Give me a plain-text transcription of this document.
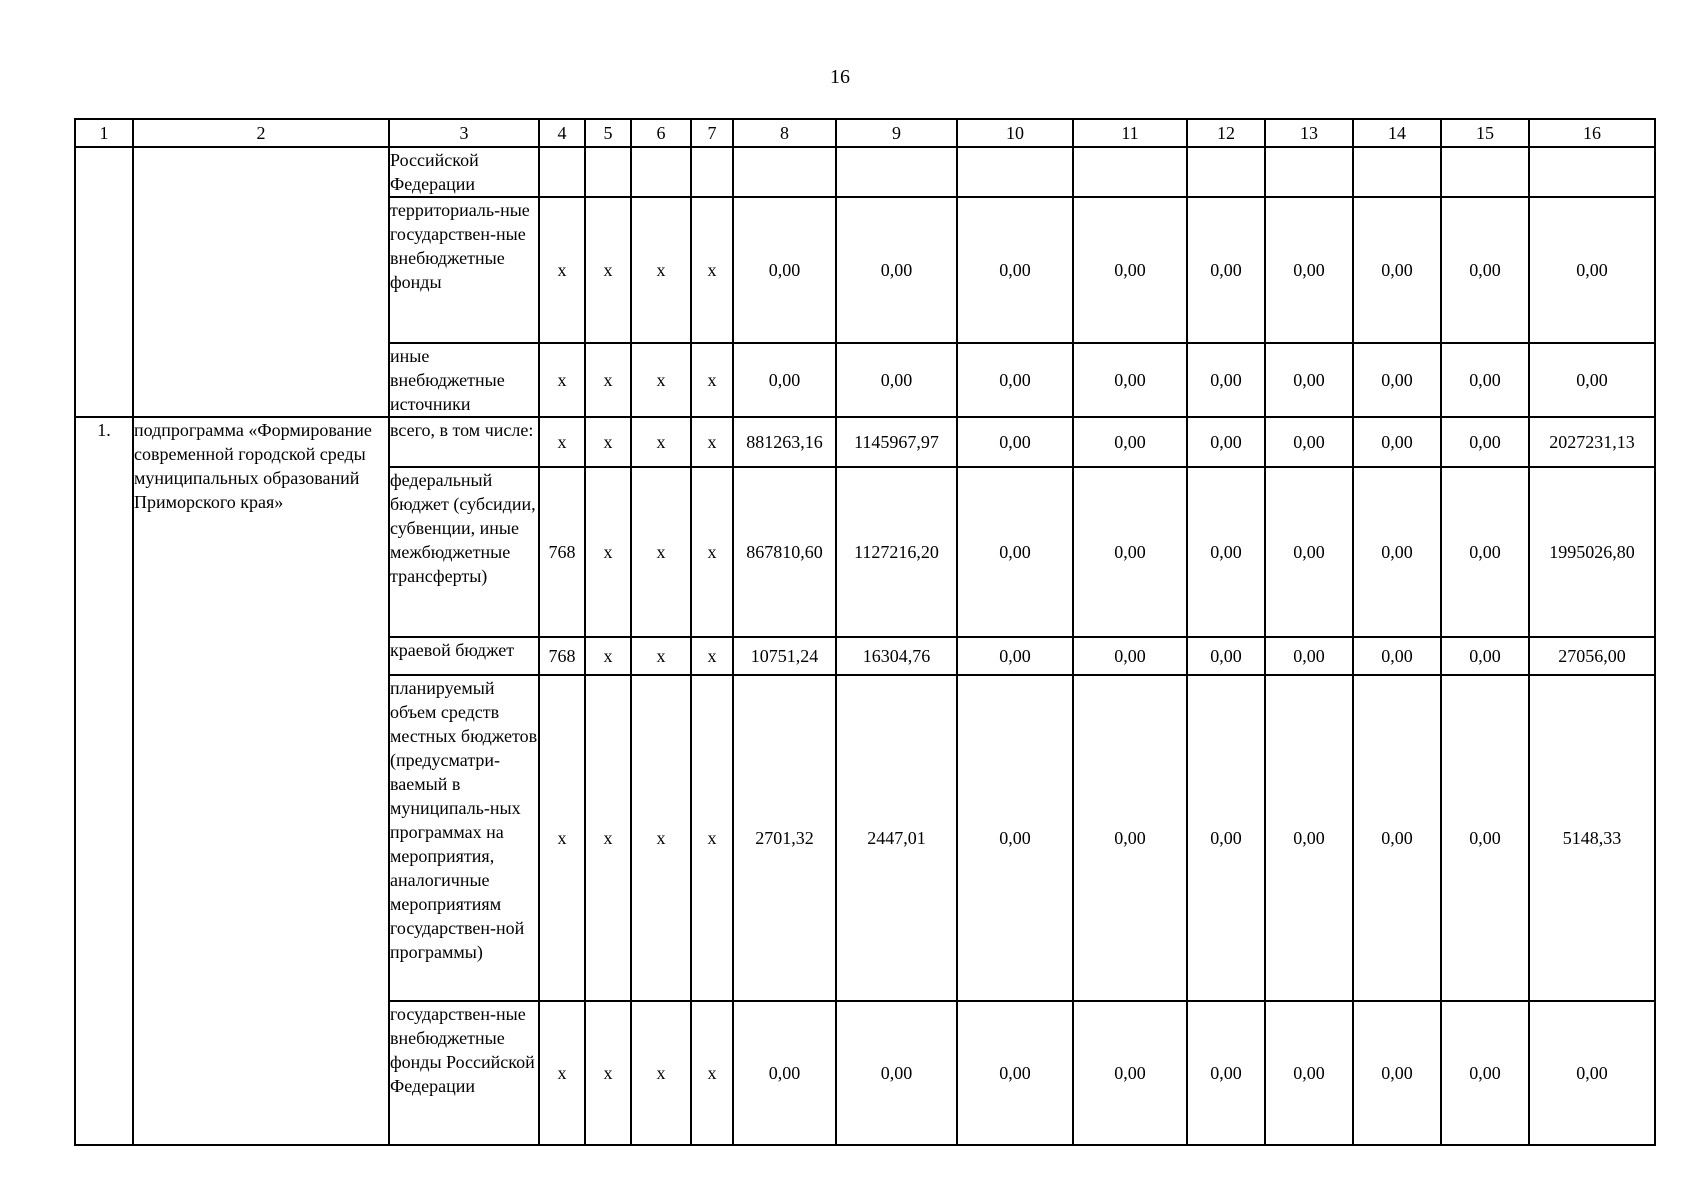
16
1	2	3	4	5	6	7	8	9	10	11	12	13	14	15	16
		Российской Федерации													
		территориаль-ные государствен-ные внебюджетные фонды	х	х	х	х	0,00	0,00	0,00	0,00	0,00	0,00	0,00	0,00	0,00
		иные внебюджетные источники	х	х	х	х	0,00	0,00	0,00	0,00	0,00	0,00	0,00	0,00	0,00
1.	подпрограмма «Формирование современной городской среды муниципальных образований Приморского края»	всего, в том числе:	х	х	х	х	881263,16	1145967,97	0,00	0,00	0,00	0,00	0,00	0,00	2027231,13
		федеральный бюджет (субсидии, субвенции, иные межбюджетные трансферты)	768	х	х	х	867810,60	1127216,20	0,00	0,00	0,00	0,00	0,00	0,00	1995026,80
		краевой бюджет	768	х	х	х	10751,24	16304,76	0,00	0,00	0,00	0,00	0,00	0,00	27056,00
		планируемый объем средств местных бюджетов (предусматри-ваемый в муниципаль-ных программах на мероприятия, аналогичные мероприятиям государствен-ной программы)	х	х	х	х	2701,32	2447,01	0,00	0,00	0,00	0,00	0,00	0,00	5148,33
		государствен-ные внебюджетные фонды Российской Федерации	х	х	х	х	0,00	0,00	0,00	0,00	0,00	0,00	0,00	0,00	0,00
